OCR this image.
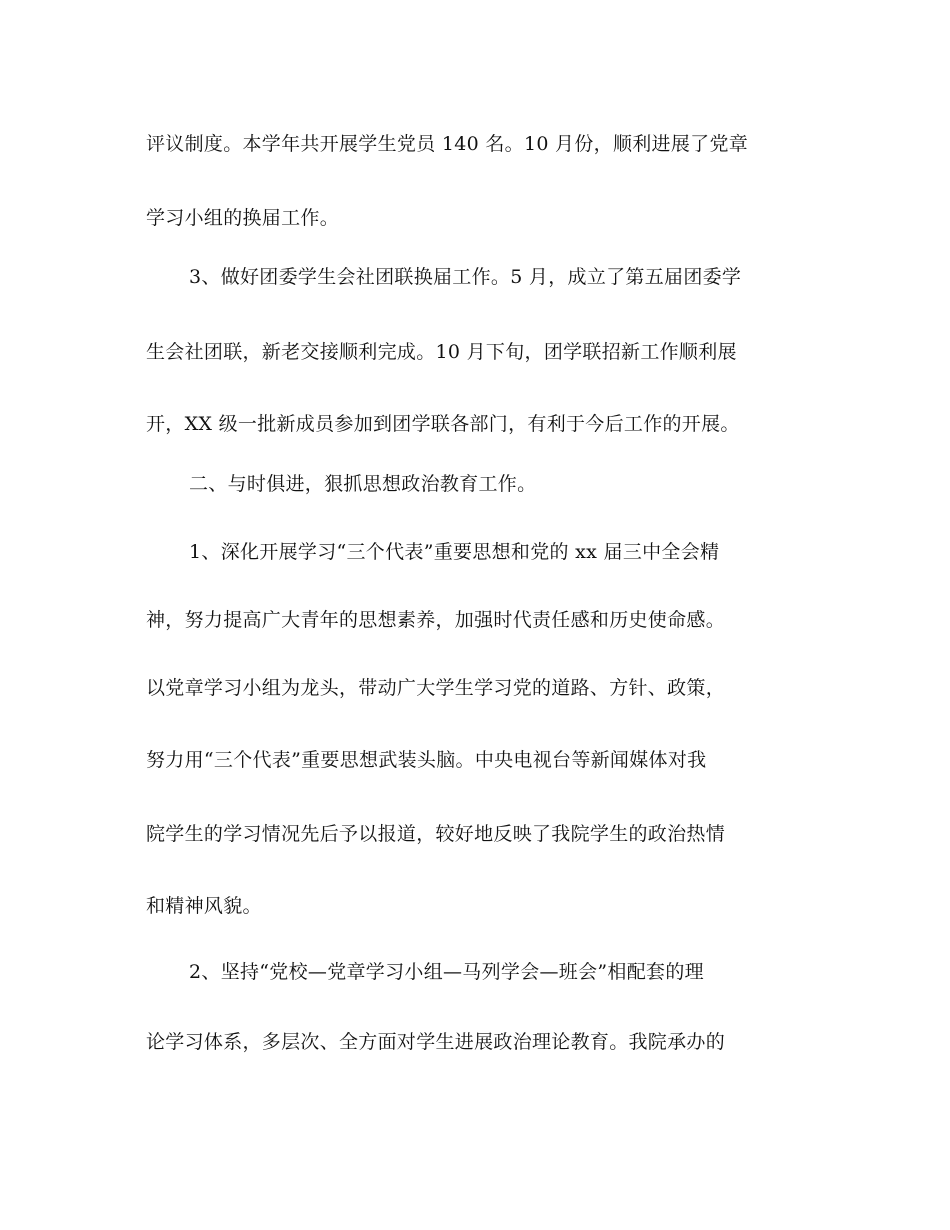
评议制度。本学年共开展学生党员 140 名。10 月份，顺利进展了党章
学习小组的换届工作。
3、做好团委学生会社团联换届工作。5 月，成立了第五届团委学
生会社团联，新老交接顺利完成。10 月下旬，团学联招新工作顺利展
开，XX 级一批新成员参加到团学联各部门，有利于今后工作的开展。
二、与时俱进，狠抓思想政治教育工作。
1、深化开展学习“三个代表”重要思想和党的 xx 届三中全会精
神，努力提高广大青年的思想素养，加强时代责任感和历史使命感。
以党章学习小组为龙头，带动广大学生学习党的道路、方针、政策，
努力用“三个代表”重要思想武装头脑。中央电视台等新闻媒体对我
院学生的学习情况先后予以报道，较好地反映了我院学生的政治热情
和精神风貌。
2、坚持“党校—党章学习小组—马列学会—班会”相配套的理
论学习体系，多层次、全方面对学生进展政治理论教育。我院承办的
